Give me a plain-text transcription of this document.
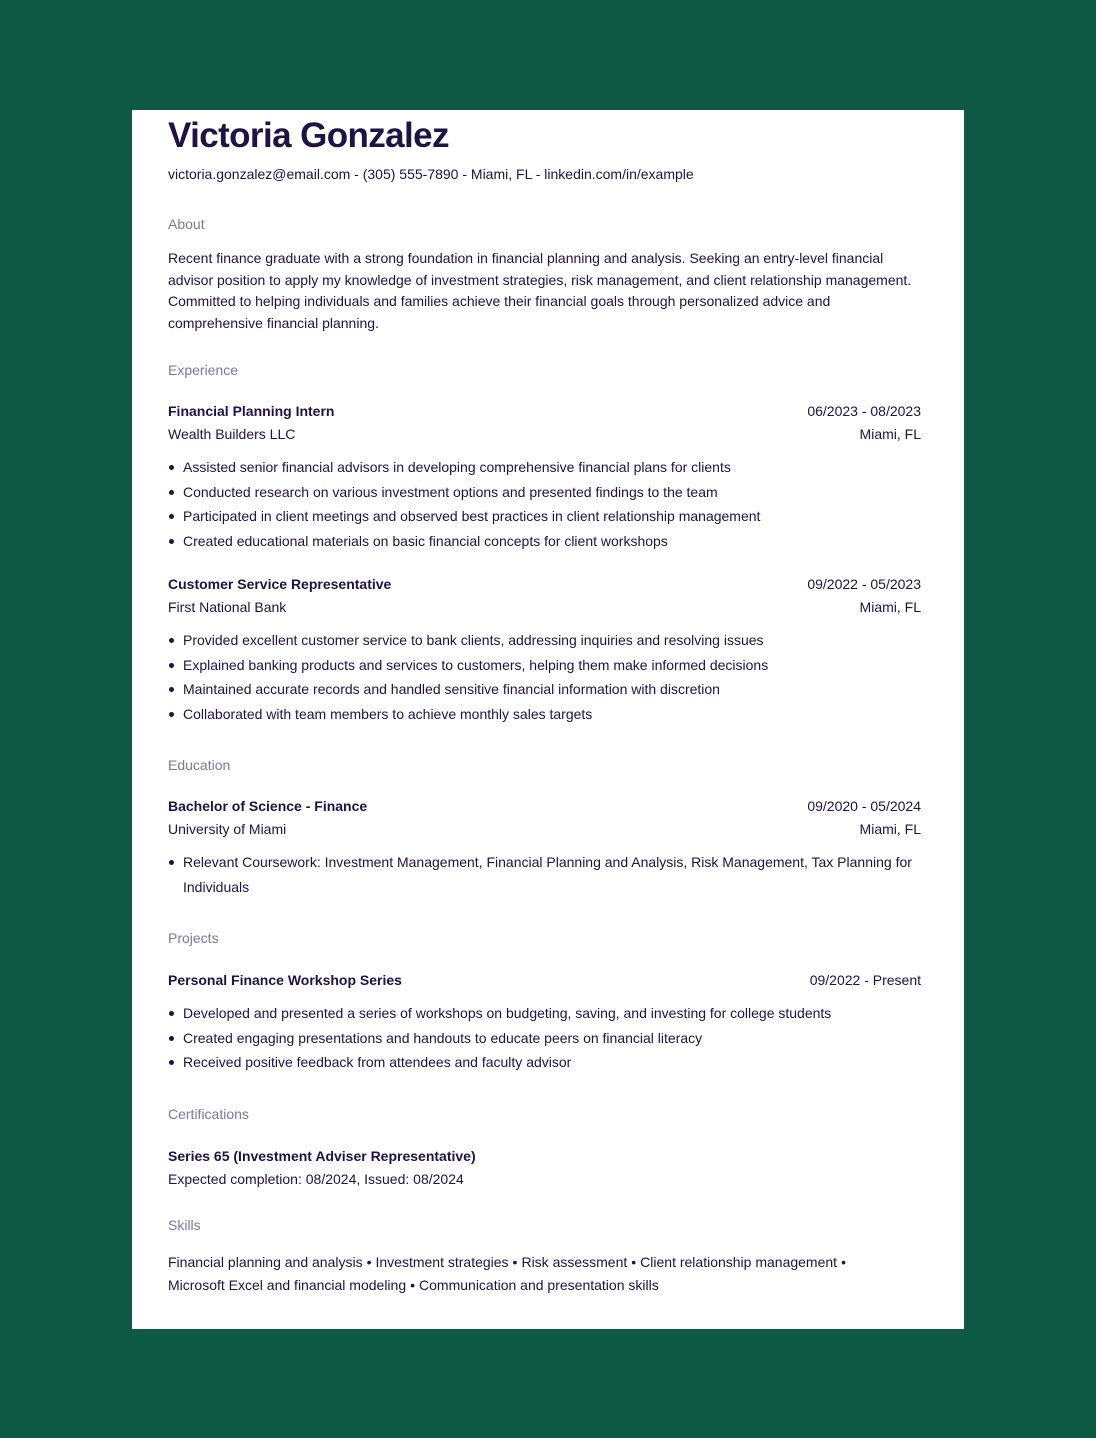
Victoria Gonzalez
victoria.gonzalez@email.com - (305) 555-7890 - Miami, FL - linkedin.com/in/example
About
Recent finance graduate with a strong foundation in financial planning and analysis. Seeking an entry-level financial advisor position to apply my knowledge of investment strategies, risk management, and client relationship management. Committed to helping individuals and families achieve their financial goals through personalized advice and comprehensive financial planning.
Experience
Financial Planning Intern	06/2023 - 08/2023
Wealth Builders LLC	Miami, FL
Assisted senior financial advisors in developing comprehensive financial plans for clients
Conducted research on various investment options and presented findings to the team
Participated in client meetings and observed best practices in client relationship management
Created educational materials on basic financial concepts for client workshops
Customer Service Representative	09/2022 - 05/2023
First National Bank	Miami, FL
Provided excellent customer service to bank clients, addressing inquiries and resolving issues
Explained banking products and services to customers, helping them make informed decisions
Maintained accurate records and handled sensitive financial information with discretion
Collaborated with team members to achieve monthly sales targets
Education
Bachelor of Science - Finance	09/2020 - 05/2024
University of Miami	Miami, FL
Relevant Coursework: Investment Management, Financial Planning and Analysis, Risk Management, Tax Planning for Individuals
Projects
Personal Finance Workshop Series	09/2022 - Present
Developed and presented a series of workshops on budgeting, saving, and investing for college students
Created engaging presentations and handouts to educate peers on financial literacy
Received positive feedback from attendees and faculty advisor
Certifications
Series 65 (Investment Adviser Representative)
Expected completion: 08/2024, Issued: 08/2024
Skills
Financial planning and analysis • Investment strategies • Risk assessment • Client relationship management •
Microsoft Excel and financial modeling • Communication and presentation skills
